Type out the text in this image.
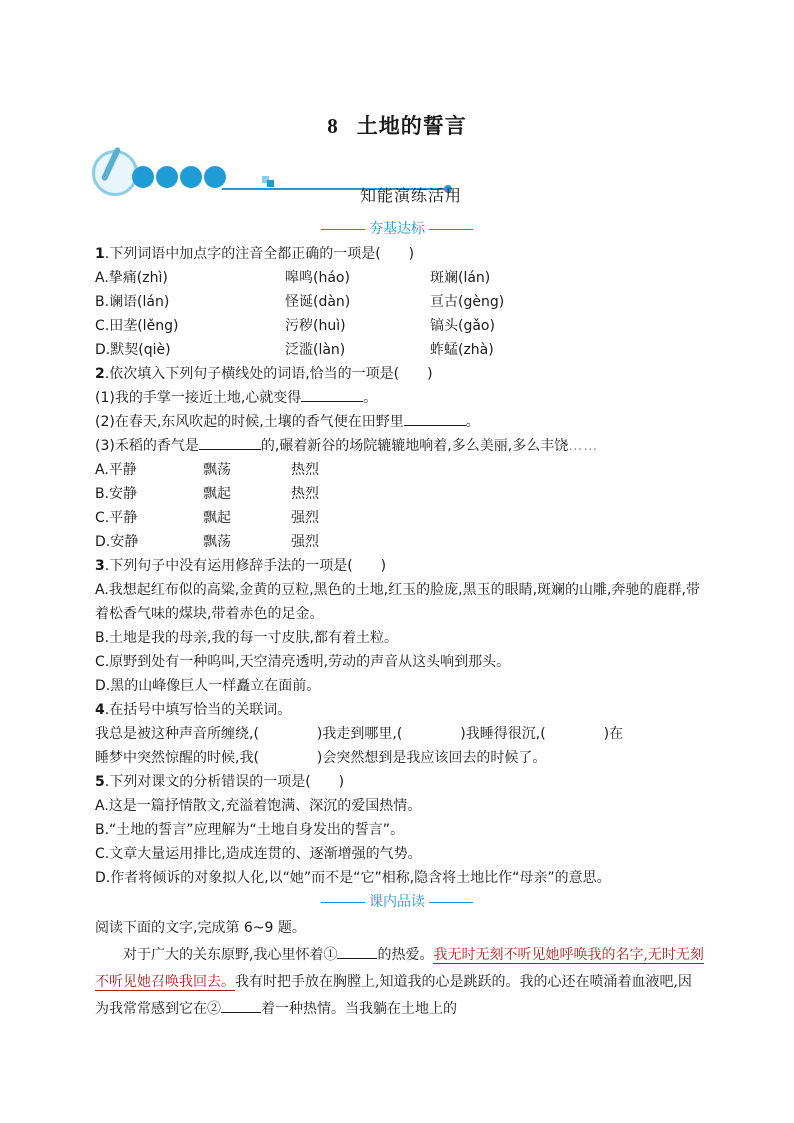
8 土地的誓言
知能演练活用
夯基达标

1.下列词语中加点字的注音全都正确的一项是(　　)

A.挚痛(zhì)	嗥鸣(háo)	斑斓(lán)
B.谰语(lán)	怪诞(dàn)	亘古(gèng)
C.田垄(lěng)	污秽(huì)	镐头(gǎo)
D.默契(qiè)	泛滥(làn)	蚱蜢(zhà)

2.依次填入下列句子横线处的词语,恰当的一项是(　　)

(1)我的手掌一接近土地,心就变得	。

(2)在春天,东风吹起的时候,土壤的香气便在田野里	。

(3)禾稻的香气是	的,碾着新谷的场院辘辘地响着,多么美丽,多么丰饶……

A.平静	飘荡	热烈
B.安静	飘起	热烈
C.平静	飘起	强烈
D.安静	飘荡	强烈

3.下列句子中没有运用修辞手法的一项是(　　)

A.我想起红布似的高粱,金黄的豆粒,黑色的土地,红玉的脸庞,黑玉的眼睛,斑斓的山雕,奔驰的鹿群,带着松香气味的煤块,带着赤色的足金。

B.土地是我的母亲,我的每一寸皮肤,都有着土粒。

C.原野到处有一种呜叫,天空清亮透明,劳动的声音从这头响到那头。

D.黑的山峰像巨人一样矗立在面前。

4.在括号中填写恰当的关联词。

我总是被这种声音所缠绕,(	)我走到哪里,(	)我睡得很沉,(	)在

睡梦中突然惊醒的时候,我(	)会突然想到是我应该回去的时候了。

5.下列对课文的分析错误的一项是(　　)

A.这是一篇抒情散文,充溢着饱满、深沉的爱国热情。

B.“土地的誓言”应理解为“土地自身发出的誓言”。

C.文章大量运用排比,造成连贯的、逐渐增强的气势。

D.作者将倾诉的对象拟人化,以“她”而不是“它”相称,隐含将土地比作“母亲”的意思。

课内品读

阅读下面的文字,完成第 6~9 题。

对于广大的关东原野,我心里怀着①	的热爱。我无时无刻不听见她呼唤我的名字,无时无刻不听见她召唤我回去。我有时把手放在胸膛上,知道我的心是跳跃的。我的心还在喷涌着血液吧,因为我常常感到它在②	着一种热情。当我躺在土地上的
